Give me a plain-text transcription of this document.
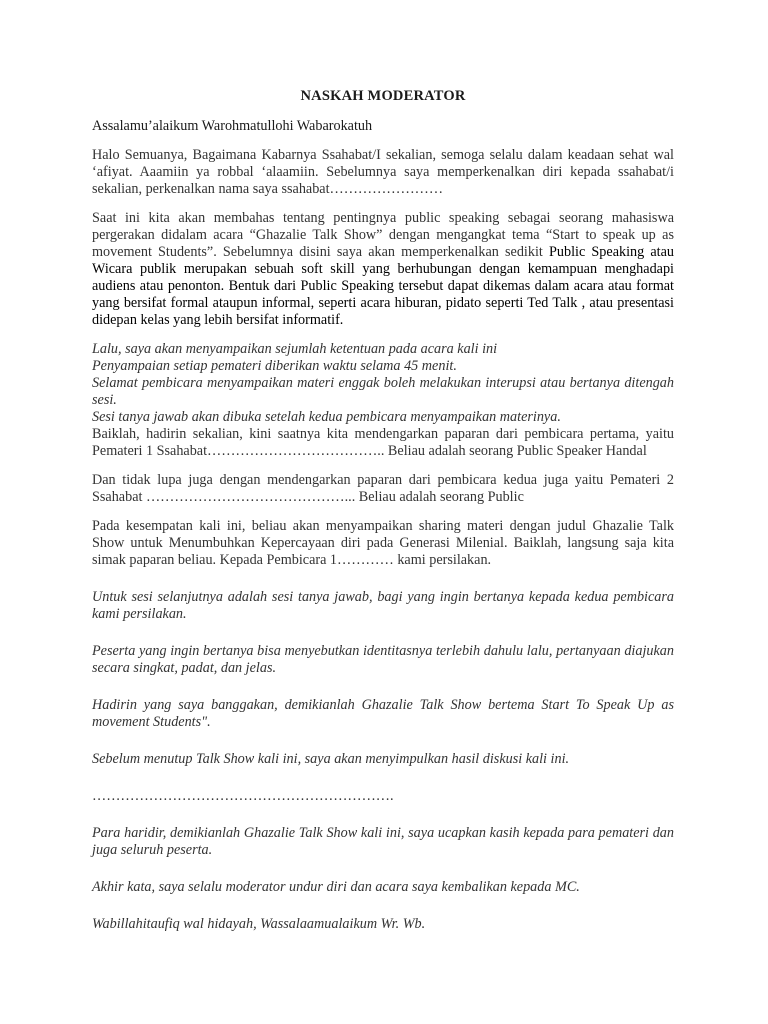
NASKAH MODERATOR
Assalamu’alaikum Warohmatullohi Wabarokatuh

Halo Semuanya, Bagaimana Kabarnya Ssahabat/I sekalian, semoga selalu dalam keadaan sehat wal ‘afiyat. Aaamiin ya robbal ‘alaamiin. Sebelumnya saya memperkenalkan diri kepada ssahabat/i sekalian, perkenalkan nama saya ssahabat……………………

Saat ini kita akan membahas tentang pentingnya public speaking sebagai seorang mahasiswa pergerakan didalam acara “Ghazalie Talk Show” dengan mengangkat tema “Start to speak up as movement Students”. Sebelumnya disini saya akan memperkenalkan sedikit Public Speaking atau Wicara publik merupakan sebuah soft skill yang berhubungan dengan kemampuan menghadapi audiens atau penonton. Bentuk dari Public Speaking tersebut dapat dikemas dalam acara atau format yang bersifat formal ataupun informal, seperti acara hiburan, pidato seperti Ted Talk , atau presentasi didepan kelas yang lebih bersifat informatif.

Lalu, saya akan menyampaikan sejumlah ketentuan pada acara kali ini

Penyampaian setiap pemateri diberikan waktu selama 45 menit.

Selamat pembicara menyampaikan materi enggak boleh melakukan interupsi atau bertanya ditengah sesi.

Sesi tanya jawab akan dibuka setelah kedua pembicara menyampaikan materinya.

Baiklah, hadirin sekalian, kini saatnya kita mendengarkan paparan dari pembicara pertama, yaitu Pemateri 1 Ssahabat……………………………….. Beliau adalah seorang Public Speaker Handal

Dan tidak lupa juga dengan mendengarkan paparan dari pembicara kedua juga yaitu Pemateri 2 Ssahabat ……………………………………... Beliau adalah seorang Public

Pada kesempatan kali ini, beliau akan menyampaikan sharing materi dengan judul Ghazalie Talk Show untuk Menumbuhkan Kepercayaan diri pada Generasi Milenial. Baiklah, langsung saja kita simak paparan beliau. Kepada Pembicara 1………… kami persilakan.

Untuk sesi selanjutnya adalah sesi tanya jawab, bagi yang ingin bertanya kepada kedua pembicara kami persilakan.

Peserta yang ingin bertanya bisa menyebutkan identitasnya terlebih dahulu lalu, pertanyaan diajukan secara singkat, padat, dan jelas.

Hadirin yang saya banggakan, demikianlah Ghazalie Talk Show bertema Start To Speak Up as movement Students".

Sebelum menutup Talk Show kali ini, saya akan menyimpulkan hasil diskusi kali ini.

……………………………………………………….

Para haridir, demikianlah Ghazalie Talk Show kali ini, saya ucapkan kasih kepada para pemateri dan juga seluruh peserta.

Akhir kata, saya selalu moderator undur diri dan acara saya kembalikan kepada MC.

Wabillahitaufiq wal hidayah, Wassalaamualaikum Wr. Wb.
